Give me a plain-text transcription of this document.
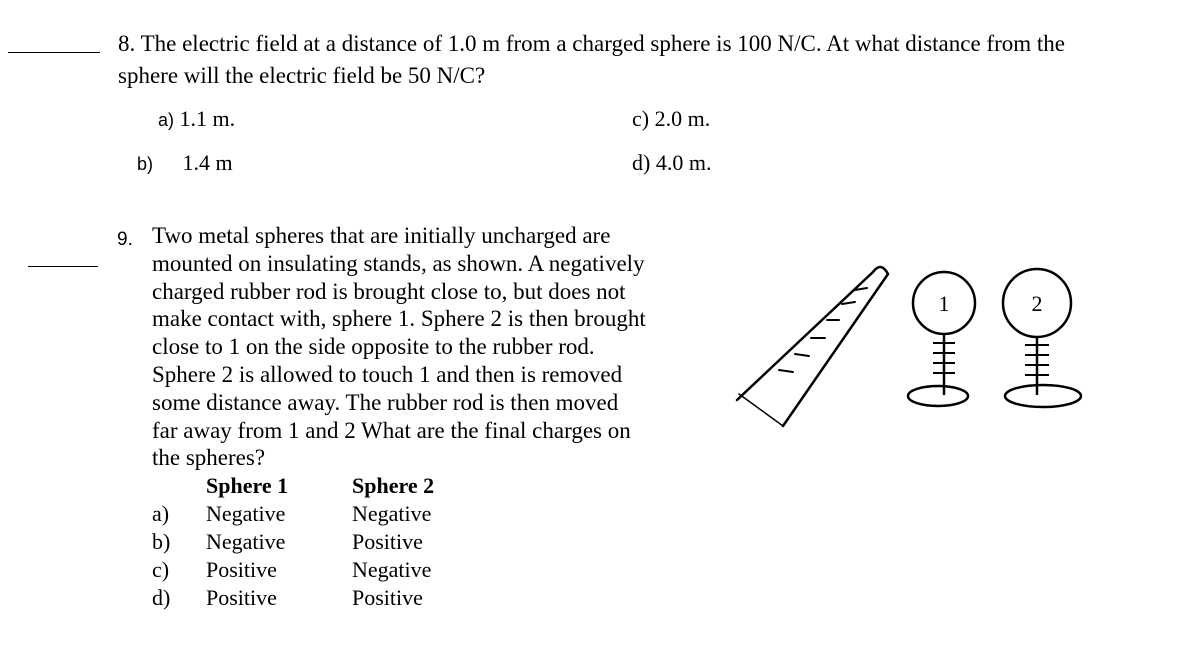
8. The electric field at a distance of 1.0 m from a charged sphere is 100 N/C. At what distance from the sphere will the electric field be 50 N/C?
a) 1.1 m.
b) 1.4 m
c) 2.0 m.
d) 4.0 m.
9. Two metal spheres that are initially uncharged are mounted on insulating stands, as shown. A negatively charged rubber rod is brought close to, but does not make contact with, sphere 1. Sphere 2 is then brought close to 1 on the side opposite to the rubber rod. Sphere 2 is allowed to touch 1 and then is removed some distance away. The rubber rod is then moved far away from 1 and 2 What are the final charges on the spheres?
Sphere 1	Sphere 2
a) Negative	Negative
b) Negative	Positive
c) Positive	Negative
d) Positive	Positive
1	2
